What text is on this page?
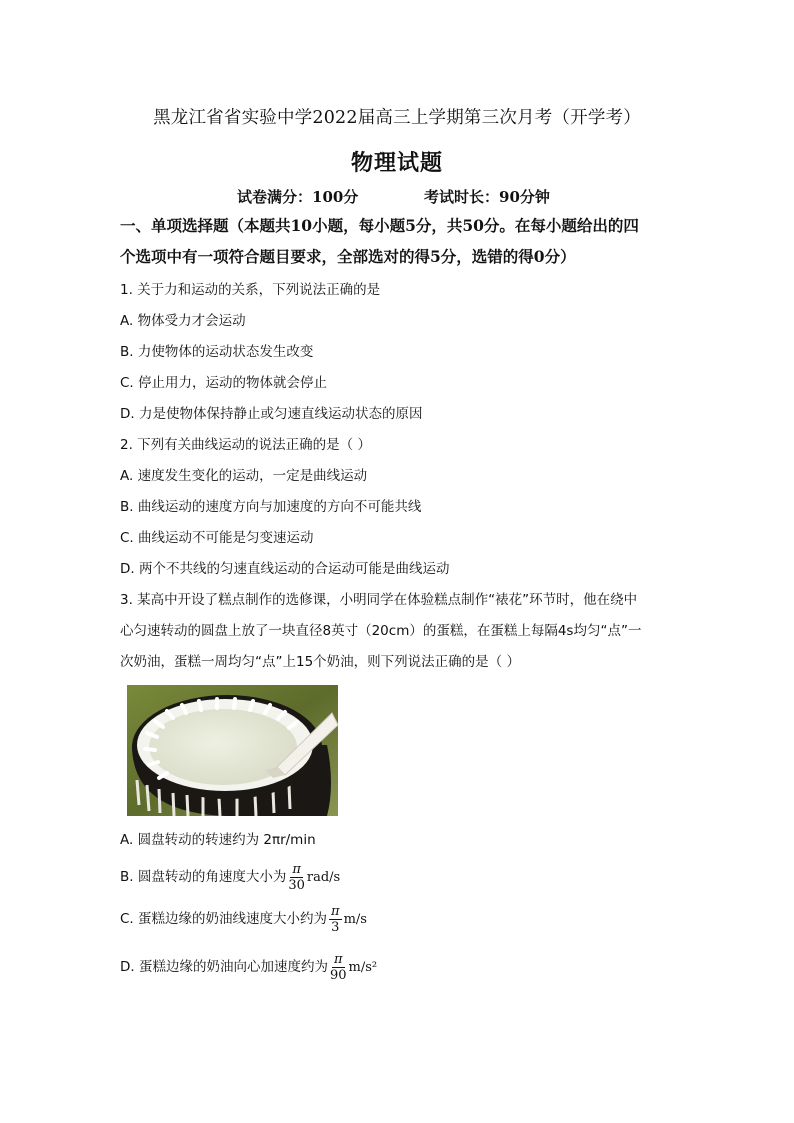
黑龙江省省实验中学2022届高三上学期第三次月考（开学考）
物理试题
试卷满分：100分	考试时长：90分钟
一、单项选择题（本题共10小题，每小题5分，共50分。在每小题给出的四
个选项中有一项符合题目要求，全部选对的得5分，选错的得0分）
1. 关于力和运动的关系，下列说法正确的是
A. 物体受力才会运动
B. 力使物体的运动状态发生改变
C. 停止用力，运动的物体就会停止
D. 力是使物体保持静止或匀速直线运动状态的原因
2. 下列有关曲线运动的说法正确的是（ ）
A. 速度发生变化的运动，一定是曲线运动
B. 曲线运动的速度方向与加速度的方向不可能共线
C. 曲线运动不可能是匀变速运动
D. 两个不共线的匀速直线运动的合运动可能是曲线运动
3. 某高中开设了糕点制作的选修课，小明同学在体验糕点制作“裱花”环节时，他在绕中
心匀速转动的圆盘上放了一块直径8英寸（20cm）的蛋糕，在蛋糕上每隔4s均匀“点”一
次奶油，蛋糕一周均匀“点”上15个奶油，则下列说法正确的是（ ）
A. 圆盘转动的转速约为 2πr/min
B. 圆盘转动的角速度大小为 $\frac{\pi}{30} rad/s$
C. 蛋糕边缘的奶油线速度大小约为 $\frac{\pi}{3} m/s$
D. 蛋糕边缘的奶油向心加速度约为 $\frac{\pi}{90} m/s^2$
